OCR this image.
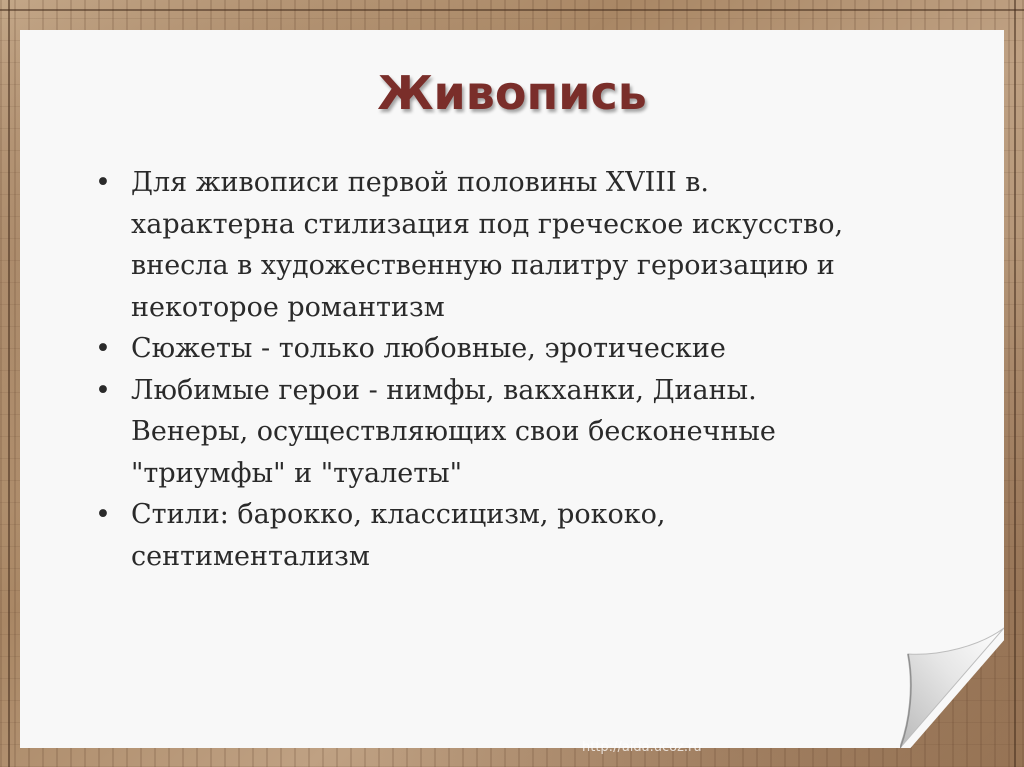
Живопись
• Для живописи первой половины XVIII в.
характерна стилизация под греческое искусство,
внесла в художественную палитру героизацию и
некоторое романтизм
• Сюжеты - только любовные, эротические
• Любимые герои - нимфы, вакханки, Дианы.
Венеры, осуществляющих свои бесконечные
"триумфы" и "туалеты"
• Стили: барокко, классицизм, рококо,
сентиментализм
http://aida.ucoz.ru
